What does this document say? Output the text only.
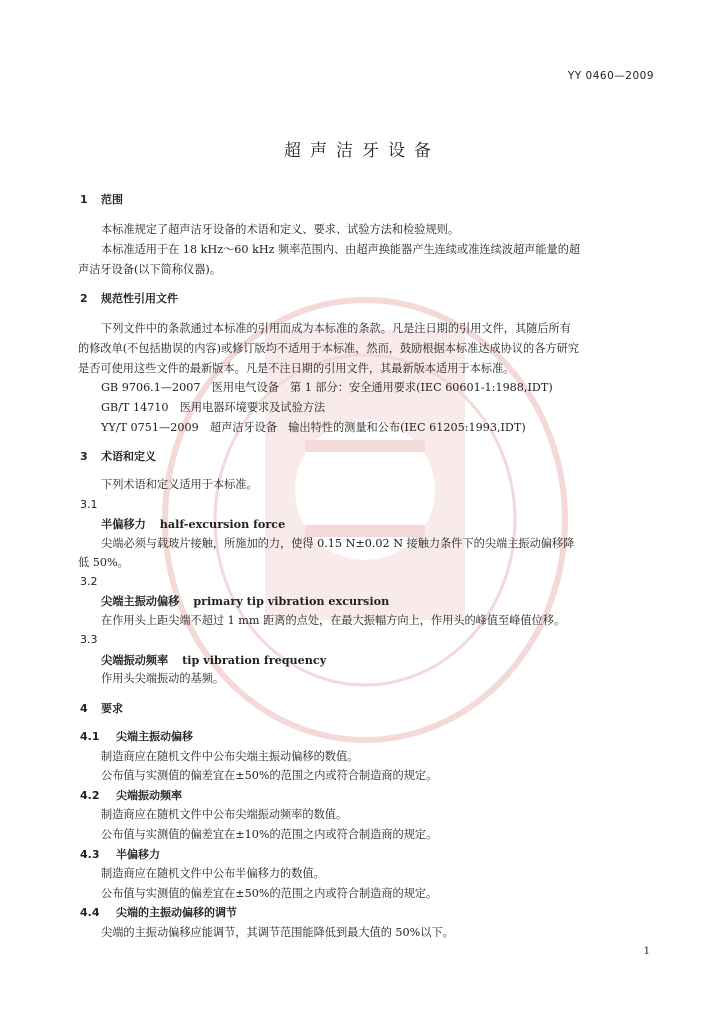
YY 0460—2009
超声洁牙设备
1 范围
本标准规定了超声洁牙设备的术语和定义、要求、试验方法和检验规则。
本标准适用于在 18 kHz～60 kHz 频率范围内、由超声换能器产生连续或准连续波超声能量的超
声洁牙设备(以下简称仪器)。
2 规范性引用文件
下列文件中的条款通过本标准的引用而成为本标准的条款。凡是注日期的引用文件，其随后所有
的修改单(不包括勘误的内容)或修订版均不适用于本标准，然而，鼓励根据本标准达成协议的各方研究
是否可使用这些文件的最新版本。凡是不注日期的引用文件，其最新版本适用于本标准。
GB 9706.1—2007　医用电气设备　第 1 部分：安全通用要求(IEC 60601-1:1988,IDT)
GB/T 14710　医用电器环境要求及试验方法
YY/T 0751—2009　超声洁牙设备　输出特性的测量和公布(IEC 61205:1993,IDT)
3 术语和定义
下列术语和定义适用于本标准。
3.1
半偏移力 half-excursion force
尖端必须与载玻片接触，所施加的力，使得 0.15 N±0.02 N 接触力条件下的尖端主振动偏移降
低 50%。
3.2
尖端主振动偏移 primary tip vibration excursion
在作用头上距尖端不超过 1 mm 距离的点处，在最大振幅方向上，作用头的峰值至峰值位移。
3.3
尖端振动频率 tip vibration frequency
作用头尖端振动的基频。
4 要求
4.1 尖端主振动偏移
制造商应在随机文件中公布尖端主振动偏移的数值。
公布值与实测值的偏差宜在±50%的范围之内或符合制造商的规定。
4.2 尖端振动频率
制造商应在随机文件中公布尖端振动频率的数值。
公布值与实测值的偏差宜在±10%的范围之内或符合制造商的规定。
4.3 半偏移力
制造商应在随机文件中公布半偏移力的数值。
公布值与实测值的偏差宜在±50%的范围之内或符合制造商的规定。
4.4 尖端的主振动偏移的调节
尖端的主振动偏移应能调节，其调节范围能降低到最大值的 50%以下。
1
